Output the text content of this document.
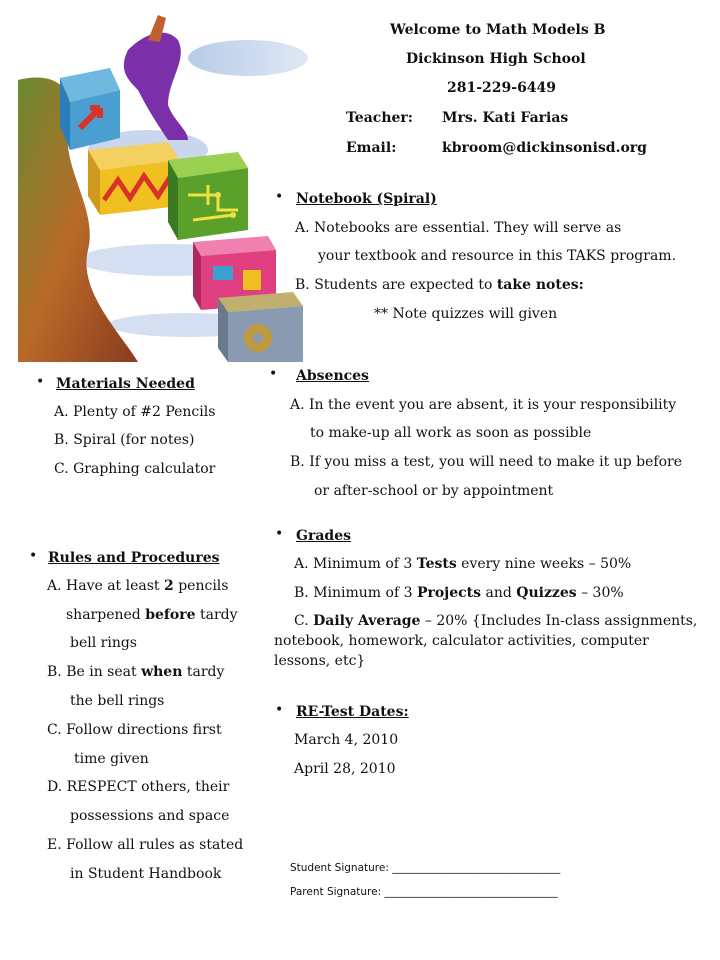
Welcome to Math Models B
Dickinson High School
281-229-6449
Teacher: Mrs. Kati Farias
Email:	kbroom@dickinsonisd.org
• Notebook (Spiral)
A. Notebooks are essential. They will serve as
your textbook and resource in this TAKS program.
B. Students are expected to take notes:
** Note quizzes will given
• Materials Needed
A. Plenty of #2 Pencils
B. Spiral (for notes)
C. Graphing calculator
• Absences
A. In the event you are absent, it is your responsibility
to make-up all work as soon as possible
B. If you miss a test, you will need to make it up before
or after-school or by appointment
• Grades
A. Minimum of 3 Tests every nine weeks – 50%
B. Minimum of 3 Projects and Quizzes – 30%
C. Daily Average – 20% {Includes In-class assignments, notebook, homework, calculator activities, computer lessons, etc}
• Rules and Procedures
A. Have at least 2 pencils
sharpened before tardy
bell rings
B. Be in seat when tardy
the bell rings
C. Follow directions first
time given
D. RESPECT others, their
possessions and space
E. Follow all rules as stated
in Student Handbook
• RE-Test Dates:
March 4, 2010
April 28, 2010
Student Signature: ________________________________
Parent Signature: _________________________________
